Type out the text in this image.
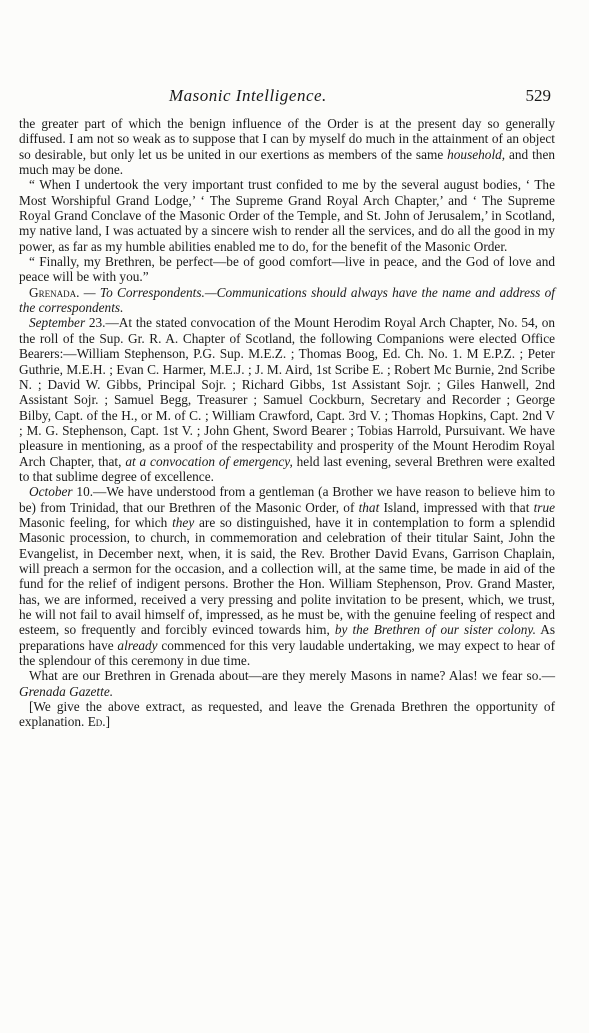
Masonic Intelligence.	529

the greater part of which the benign influence of the Order is at the present day so generally diffused. I am not so weak as to suppose that I can by myself do much in the attainment of an object so desirable, but only let us be united in our exertions as members of the same household, and then much may be done.

“ When I undertook the very important trust confided to me by the several august bodies, ‘ The Most Worshipful Grand Lodge,’ ‘ The Supreme Grand Royal Arch Chapter,’ and ‘ The Supreme Royal Grand Conclave of the Masonic Order of the Temple, and St. John of Jerusalem,’ in Scotland, my native land, I was actuated by a sincere wish to render all the services, and do all the good in my power, as far as my humble abilities enabled me to do, for the benefit of the Masonic Order.

“ Finally, my Brethren, be perfect—be of good comfort—live in peace, and the God of love and peace will be with you.”

Grenada. — To Correspondents.—Communications should always have the name and address of the correspondents.

September 23.—At the stated convocation of the Mount Herodim Royal Arch Chapter, No. 54, on the roll of the Sup. Gr. R. A. Chapter of Scotland, the following Companions were elected Office Bearers:—William Stephenson, P.G. Sup. M.E.Z. ; Thomas Boog, Ed. Ch. No. 1. M E.P.Z. ; Peter Guthrie, M.E.H. ; Evan C. Harmer, M.E.J. ; J. M. Aird, 1st Scribe E. ; Robert Mc Burnie, 2nd Scribe N. ; David W. Gibbs, Principal Sojr. ; Richard Gibbs, 1st Assistant Sojr. ; Giles Hanwell, 2nd Assistant Sojr. ; Samuel Begg, Treasurer ; Samuel Cockburn, Secretary and Recorder ; George Bilby, Capt. of the H., or M. of C. ; William Crawford, Capt. 3rd V. ; Thomas Hopkins, Capt. 2nd V ; M. G. Stephenson, Capt. 1st V. ; John Ghent, Sword Bearer ; Tobias Harrold, Pursuivant. We have pleasure in mentioning, as a proof of the respectability and prosperity of the Mount Herodim Royal Arch Chapter, that, at a convocation of emergency, held last evening, several Brethren were exalted to that sublime degree of excellence.

October 10.—We have understood from a gentleman (a Brother we have reason to believe him to be) from Trinidad, that our Brethren of the Masonic Order, of that Island, impressed with that true Masonic feeling, for which they are so distinguished, have it in contemplation to form a splendid Masonic procession, to church, in commemoration and celebration of their titular Saint, John the Evangelist, in December next, when, it is said, the Rev. Brother David Evans, Garrison Chaplain, will preach a sermon for the occasion, and a collection will, at the same time, be made in aid of the fund for the relief of indigent persons. Brother the Hon. William Stephenson, Prov. Grand Master, has, we are informed, received a very pressing and polite invitation to be present, which, we trust, he will not fail to avail himself of, impressed, as he must be, with the genuine feeling of respect and esteem, so frequently and forcibly evinced towards him, by the Brethren of our sister colony. As preparations have already commenced for this very laudable undertaking, we may expect to hear of the splendour of this ceremony in due time.

What are our Brethren in Grenada about—are they merely Masons in name? Alas! we fear so.—Grenada Gazette.

[We give the above extract, as requested, and leave the Grenada Brethren the opportunity of explanation. Ed.]
